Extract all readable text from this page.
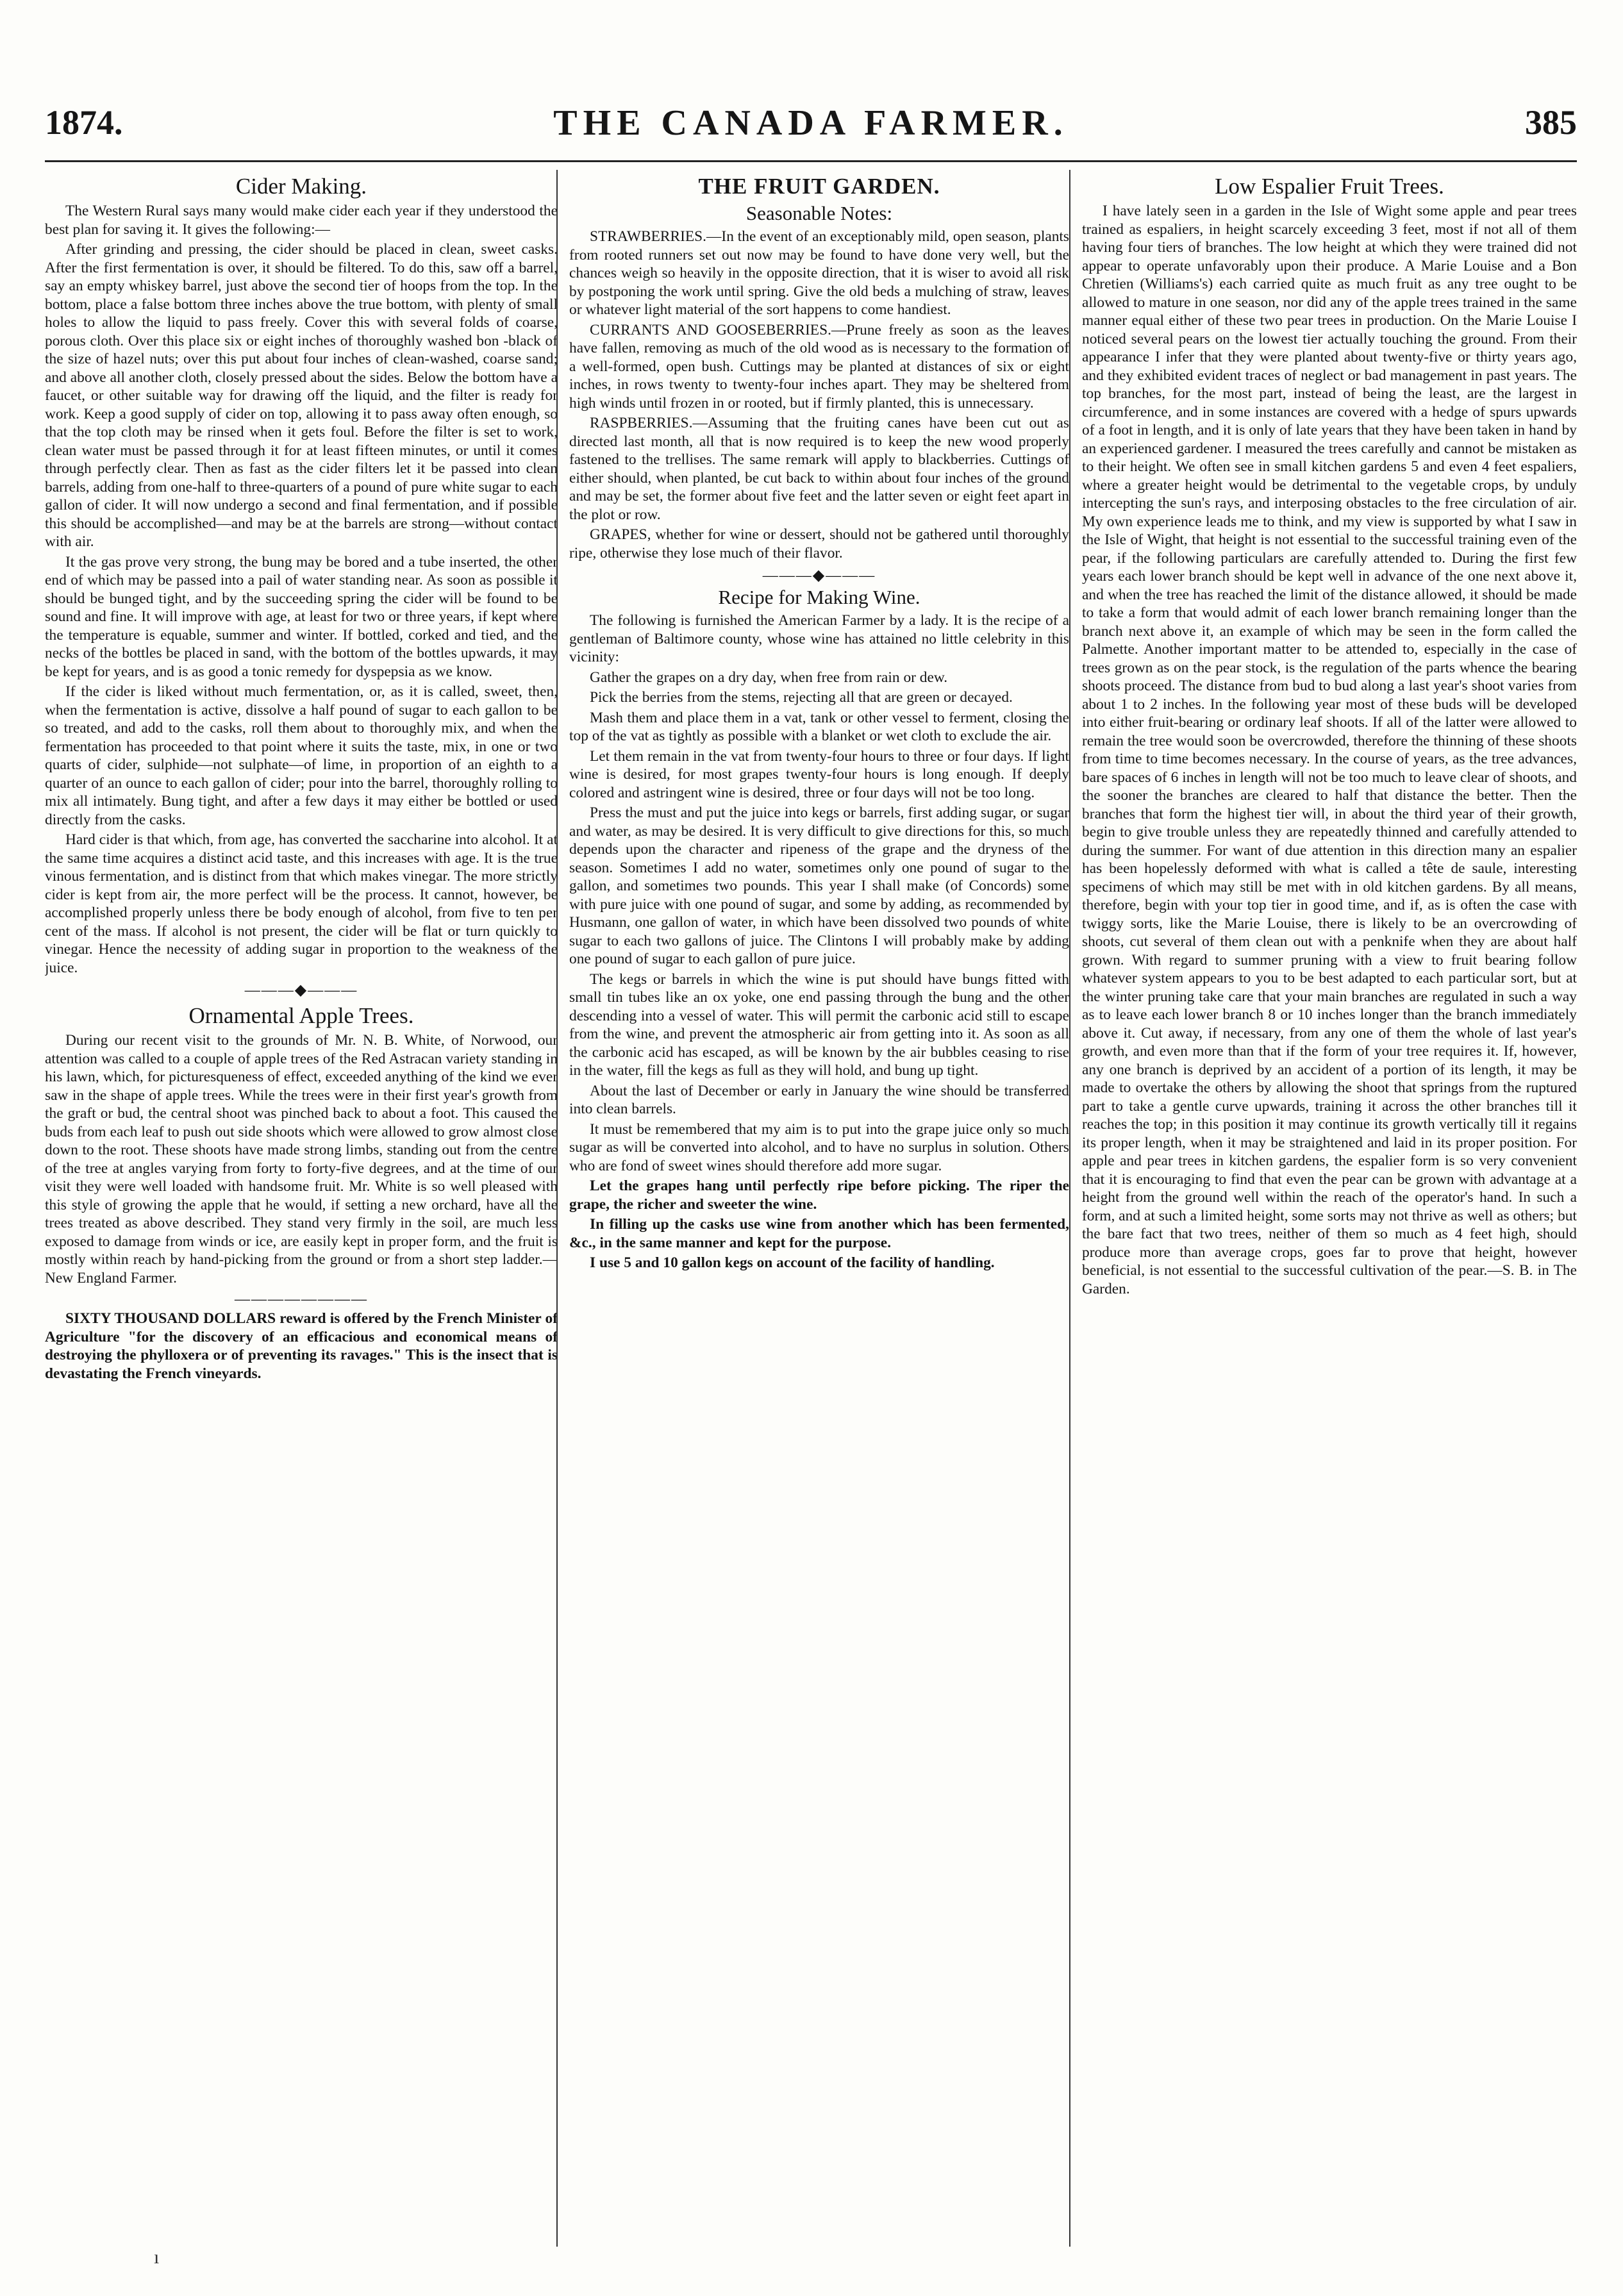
1874.	THE CANADA FARMER.	385
Cider Making.

The Western Rural says many would make cider each year if they understood the best plan for saving it. It gives the following:—

After grinding and pressing, the cider should be placed in clean, sweet casks. After the first fermentation is over, it should be filtered. To do this, saw off a barrel, say an empty whiskey barrel, just above the second tier of hoops from the top. In the bottom, place a false bottom three inches above the true bottom, with plenty of small holes to allow the liquid to pass freely. Cover this with several folds of coarse, porous cloth. Over this place six or eight inches of thoroughly washed bon -black of the size of hazel nuts; over this put about four inches of clean-washed, coarse sand; and above all another cloth, closely pressed about the sides. Below the bottom have a faucet, or other suitable way for drawing off the liquid, and the filter is ready for work. Keep a good supply of cider on top, allowing it to pass away often enough, so that the top cloth may be rinsed when it gets foul. Before the filter is set to work, clean water must be passed through it for at least fifteen minutes, or until it comes through perfectly clear. Then as fast as the cider filters let it be passed into clean barrels, adding from one-half to three-quarters of a pound of pure white sugar to each gallon of cider. It will now undergo a second and final fermentation, and if possible this should be accomplished—and may be at the barrels are strong—without contact with air.

It the gas prove very strong, the bung may be bored and a tube inserted, the other end of which may be passed into a pail of water standing near. As soon as possible it should be bunged tight, and by the succeeding spring the cider will be found to be sound and fine. It will improve with age, at least for two or three years, if kept where the temperature is equable, summer and winter. If bottled, corked and tied, and the necks of the bottles be placed in sand, with the bottom of the bottles upwards, it may be kept for years, and is as good a tonic remedy for dyspepsia as we know.

If the cider is liked without much fermentation, or, as it is called, sweet, then, when the fermentation is active, dissolve a half pound of sugar to each gallon to be so treated, and add to the casks, roll them about to thoroughly mix, and when the fermentation has proceeded to that point where it suits the taste, mix, in one or two quarts of cider, sulphide—not sulphate—of lime, in proportion of an eighth to a quarter of an ounce to each gallon of cider; pour into the barrel, thoroughly rolling to mix all intimately. Bung tight, and after a few days it may either be bottled or used directly from the casks.

Hard cider is that which, from age, has converted the saccharine into alcohol. It at the same time acquires a distinct acid taste, and this increases with age. It is the true vinous fermentation, and is distinct from that which makes vinegar. The more strictly cider is kept from air, the more perfect will be the process. It cannot, however, be accomplished properly unless there be body enough of alcohol, from five to ten per cent of the mass. If alcohol is not present, the cider will be flat or turn quickly to vinegar. Hence the necessity of adding sugar in proportion to the weakness of the juice.

———◆———
Ornamental Apple Trees.

During our recent visit to the grounds of Mr. N. B. White, of Norwood, our attention was called to a couple of apple trees of the Red Astracan variety standing in his lawn, which, for picturesqueness of effect, exceeded anything of the kind we ever saw in the shape of apple trees. While the trees were in their first year's growth from the graft or bud, the central shoot was pinched back to about a foot. This caused the buds from each leaf to push out side shoots which were allowed to grow almost close down to the root. These shoots have made strong limbs, standing out from the centre of the tree at angles varying from forty to forty-five degrees, and at the time of our visit they were well loaded with handsome fruit. Mr. White is so well pleased with this style of growing the apple that he would, if setting a new orchard, have all the trees treated as above described. They stand very firmly in the soil, are much less exposed to damage from winds or ice, are easily kept in proper form, and the fruit is mostly within reach by hand-picking from the ground or from a short step ladder.—New England Farmer.

————————

SIXTY THOUSAND DOLLARS reward is offered by the French Minister of Agriculture "for the discovery of an efficacious and economical means of destroying the phylloxera or of preventing its ravages." This is the insect that is devastating the French vineyards.

THE FRUIT GARDEN.
Seasonable Notes:

STRAWBERRIES.—In the event of an exceptionably mild, open season, plants from rooted runners set out now may be found to have done very well, but the chances weigh so heavily in the opposite direction, that it is wiser to avoid all risk by postponing the work until spring. Give the old beds a mulching of straw, leaves or whatever light material of the sort happens to come handiest.

CURRANTS AND GOOSEBERRIES.—Prune freely as soon as the leaves have fallen, removing as much of the old wood as is necessary to the formation of a well-formed, open bush. Cuttings may be planted at distances of six or eight inches, in rows twenty to twenty-four inches apart. They may be sheltered from high winds until frozen in or rooted, but if firmly planted, this is unnecessary.

RASPBERRIES.—Assuming that the fruiting canes have been cut out as directed last month, all that is now required is to keep the new wood properly fastened to the trellises. The same remark will apply to blackberries. Cuttings of either should, when planted, be cut back to within about four inches of the ground and may be set, the former about five feet and the latter seven or eight feet apart in the plot or row.

GRAPES, whether for wine or dessert, should not be gathered until thoroughly ripe, otherwise they lose much of their flavor.

———◆———
Recipe for Making Wine.

The following is furnished the American Farmer by a lady. It is the recipe of a gentleman of Baltimore county, whose wine has attained no little celebrity in this vicinity:

Gather the grapes on a dry day, when free from rain or dew.

Pick the berries from the stems, rejecting all that are green or decayed.

Mash them and place them in a vat, tank or other vessel to ferment, closing the top of the vat as tightly as possible with a blanket or wet cloth to exclude the air.

Let them remain in the vat from twenty-four hours to three or four days. If light wine is desired, for most grapes twenty-four hours is long enough. If deeply colored and astringent wine is desired, three or four days will not be too long.

Press the must and put the juice into kegs or barrels, first adding sugar, or sugar and water, as may be desired. It is very difficult to give directions for this, so much depends upon the character and ripeness of the grape and the dryness of the season. Sometimes I add no water, sometimes only one pound of sugar to the gallon, and sometimes two pounds. This year I shall make (of Concords) some with pure juice with one pound of sugar, and some by adding, as recommended by Husmann, one gallon of water, in which have been dissolved two pounds of white sugar to each two gallons of juice. The Clintons I will probably make by adding one pound of sugar to each gallon of pure juice.

The kegs or barrels in which the wine is put should have bungs fitted with small tin tubes like an ox yoke, one end passing through the bung and the other descending into a vessel of water. This will permit the carbonic acid still to escape from the wine, and prevent the atmospheric air from getting into it. As soon as all the carbonic acid has escaped, as will be known by the air bubbles ceasing to rise in the water, fill the kegs as full as they will hold, and bung up tight.

About the last of December or early in January the wine should be transferred into clean barrels.

It must be remembered that my aim is to put into the grape juice only so much sugar as will be converted into alcohol, and to have no surplus in solution. Others who are fond of sweet wines should therefore add more sugar.

Let the grapes hang until perfectly ripe before picking. The riper the grape, the richer and sweeter the wine.

In filling up the casks use wine from another which has been fermented, &c., in the same manner and kept for the purpose.

I use 5 and 10 gallon kegs on account of the facility of handling.

Low Espalier Fruit Trees.

I have lately seen in a garden in the Isle of Wight some apple and pear trees trained as espaliers, in height scarcely exceeding 3 feet, most if not all of them having four tiers of branches. The low height at which they were trained did not appear to operate unfavorably upon their produce. A Marie Louise and a Bon Chretien (Williams's) each carried quite as much fruit as any tree ought to be allowed to mature in one season, nor did any of the apple trees trained in the same manner equal either of these two pear trees in production. On the Marie Louise I noticed several pears on the lowest tier actually touching the ground. From their appearance I infer that they were planted about twenty-five or thirty years ago, and they exhibited evident traces of neglect or bad management in past years. The top branches, for the most part, instead of being the least, are the largest in circumference, and in some instances are covered with a hedge of spurs upwards of a foot in length, and it is only of late years that they have been taken in hand by an experienced gardener. I measured the trees carefully and cannot be mistaken as to their height. We often see in small kitchen gardens 5 and even 4 feet espaliers, where a greater height would be detrimental to the vegetable crops, by unduly intercepting the sun's rays, and interposing obstacles to the free circulation of air. My own experience leads me to think, and my view is supported by what I saw in the Isle of Wight, that height is not essential to the successful training even of the pear, if the following particulars are carefully attended to. During the first few years each lower branch should be kept well in advance of the one next above it, and when the tree has reached the limit of the distance allowed, it should be made to take a form that would admit of each lower branch remaining longer than the branch next above it, an example of which may be seen in the form called the Palmette. Another important matter to be attended to, especially in the case of trees grown as on the pear stock, is the regulation of the parts whence the bearing shoots proceed. The distance from bud to bud along a last year's shoot varies from about 1 to 2 inches. In the following year most of these buds will be developed into either fruit-bearing or ordinary leaf shoots. If all of the latter were allowed to remain the tree would soon be overcrowded, therefore the thinning of these shoots from time to time becomes necessary. In the course of years, as the tree advances, bare spaces of 6 inches in length will not be too much to leave clear of shoots, and the sooner the branches are cleared to half that distance the better. Then the branches that form the highest tier will, in about the third year of their growth, begin to give trouble unless they are repeatedly thinned and carefully attended to during the summer. For want of due attention in this direction many an espalier has been hopelessly deformed with what is called a tête de saule, interesting specimens of which may still be met with in old kitchen gardens. By all means, therefore, begin with your top tier in good time, and if, as is often the case with twiggy sorts, like the Marie Louise, there is likely to be an overcrowding of shoots, cut several of them clean out with a penknife when they are about half grown. With regard to summer pruning with a view to fruit bearing follow whatever system appears to you to be best adapted to each particular sort, but at the winter pruning take care that your main branches are regulated in such a way as to leave each lower branch 8 or 10 inches longer than the branch immediately above it. Cut away, if necessary, from any one of them the whole of last year's growth, and even more than that if the form of your tree requires it. If, however, any one branch is deprived by an accident of a portion of its length, it may be made to overtake the others by allowing the shoot that springs from the ruptured part to take a gentle curve upwards, training it across the other branches till it reaches the top; in this position it may continue its growth vertically till it regains its proper length, when it may be straightened and laid in its proper position. For apple and pear trees in kitchen gardens, the espalier form is so very convenient that it is encouraging to find that even the pear can be grown with advantage at a height from the ground well within the reach of the operator's hand. In such a form, and at such a limited height, some sorts may not thrive as well as others; but the bare fact that two trees, neither of them so much as 4 feet high, should produce more than average crops, goes far to prove that height, however beneficial, is not essential to the successful cultivation of the pear.—S. B. in The Garden.

ı
